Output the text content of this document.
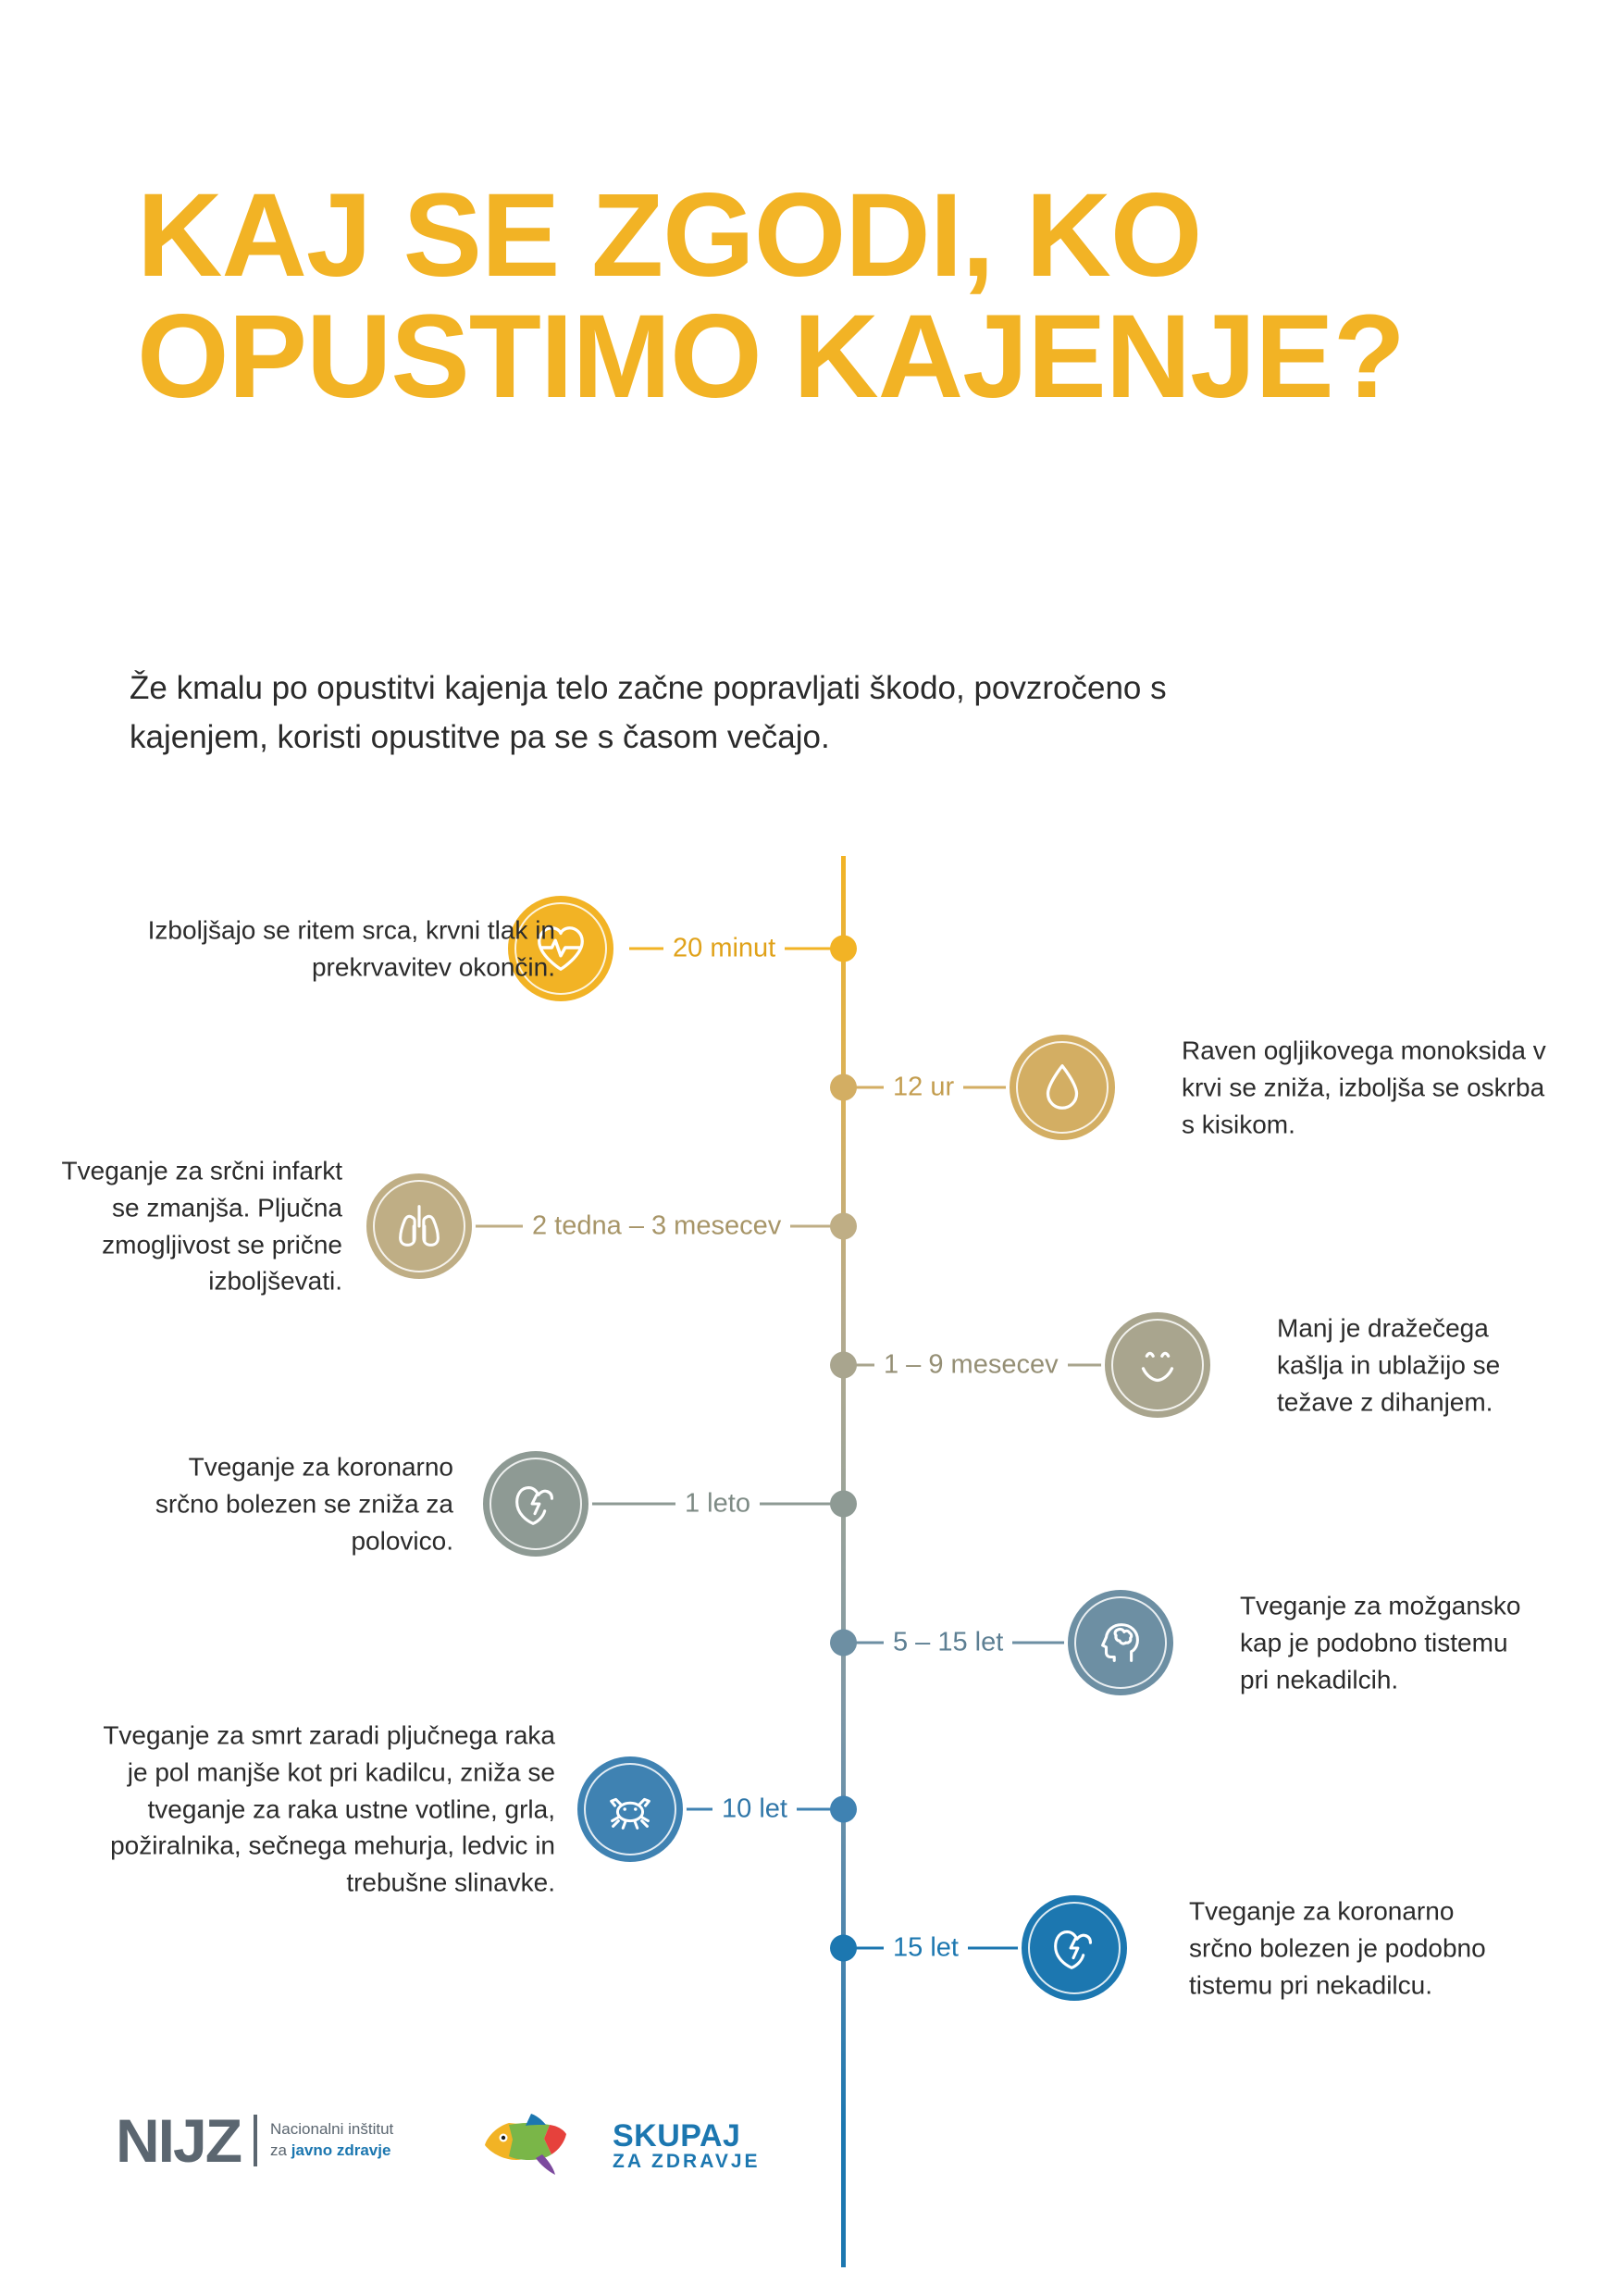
KAJ SE ZGODI, KO
OPUSTIMO KAJENJE?
Že kmalu po opustitvi kajenja telo začne popravljati škodo, povzročeno s kajenjem, koristi opustitve pa se s časom večajo.
20 minut
Izboljšajo se ritem srca, krvni tlak in prekrvavitev okončin.
12 ur
Raven ogljikovega monoksida v krvi se zniža, izboljša se oskrba s kisikom.
2 tedna – 3 mesecev
Tveganje za srčni infarkt se zmanjša. Pljučna zmogljivost se prične izboljševati.
1 – 9 mesecev
Manj je dražečega kašlja in ublažijo se težave z dihanjem.
1 leto
Tveganje za koronarno srčno bolezen se zniža za polovico.
5 – 15 let
Tveganje za možgansko kap je podobno tistemu pri nekadilcih.
10 let
Tveganje za smrt zaradi pljučnega raka je pol manjše kot pri kadilcu, zniža se tveganje za raka ustne votline, grla, požiralnika, sečnega mehurja, ledvic in trebušne slinavke.
15 let
Tveganje za koronarno srčno bolezen je podobno tistemu pri nekadilcu.
NIJZ Nacionalni inštitut
za javno zdravje	SKUPAJ
ZA ZDRAVJE
